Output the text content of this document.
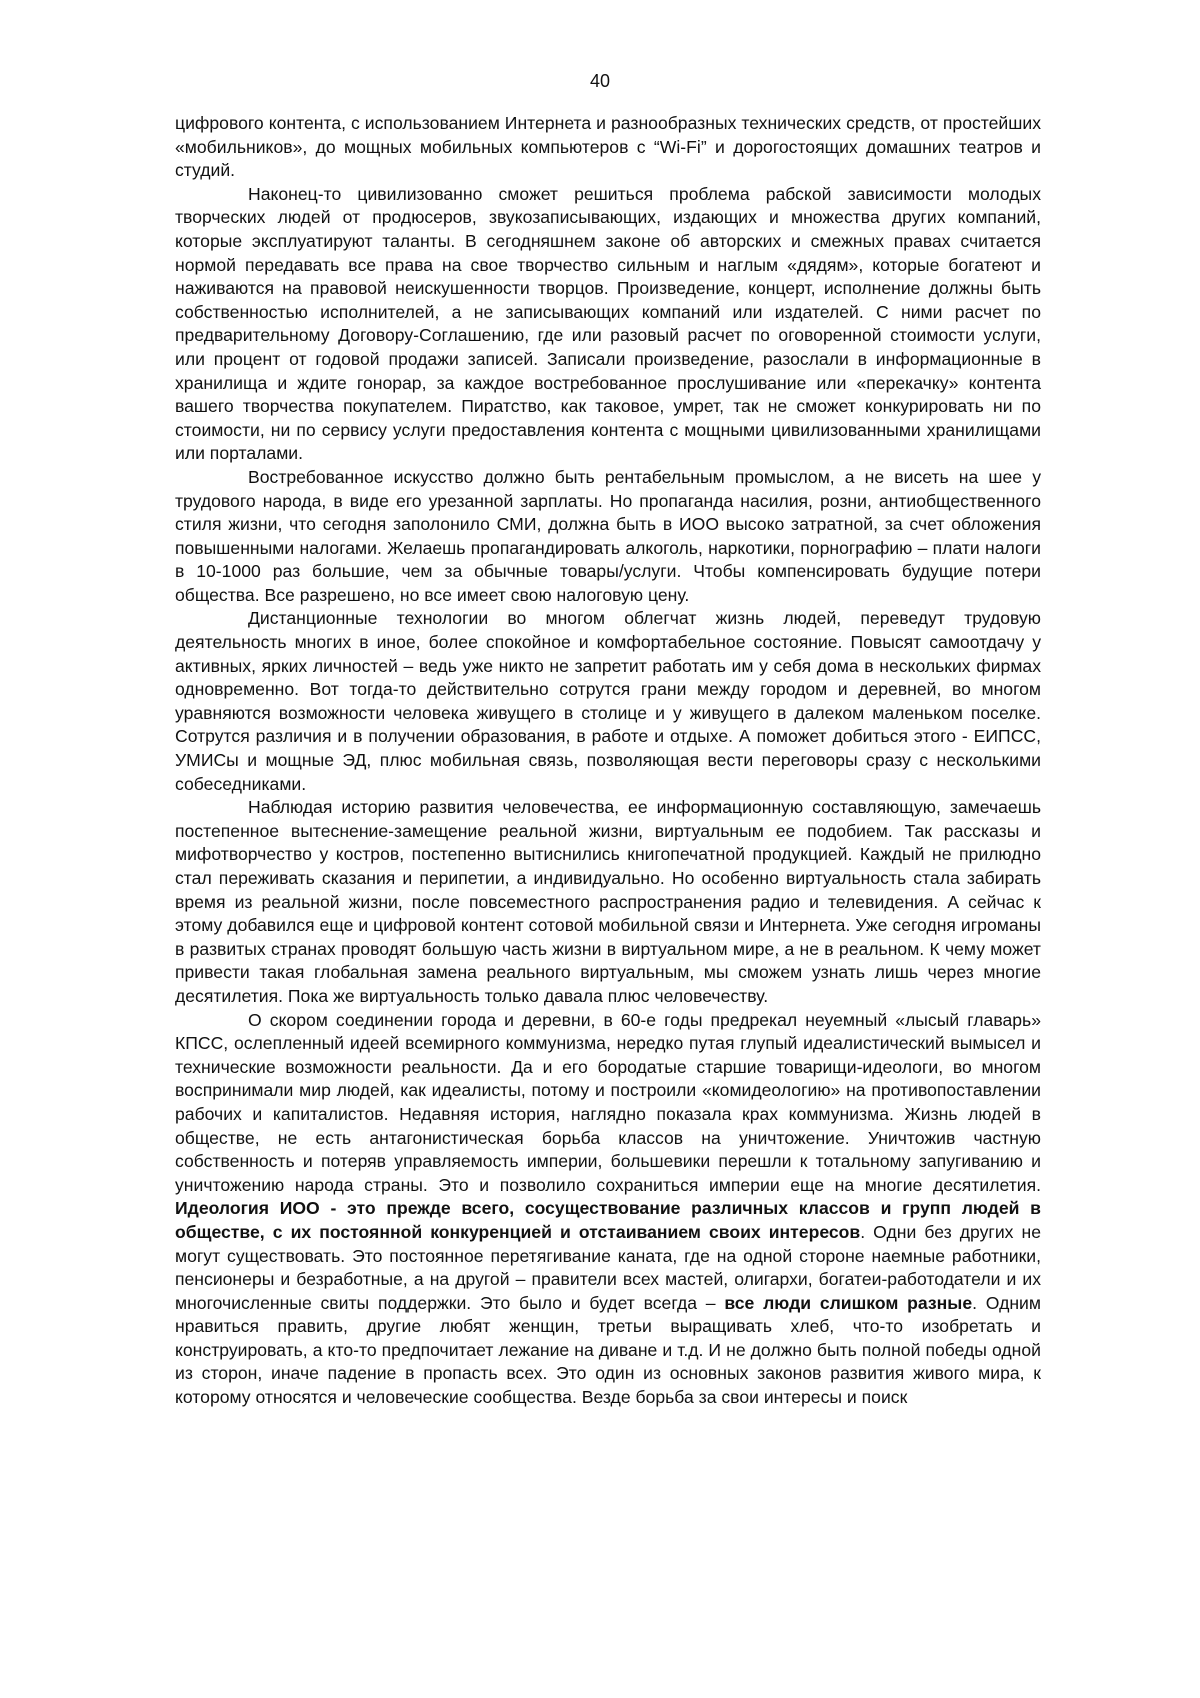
40

цифрового контента, с использованием Интернета и разнообразных технических средств, от простейших «мобильников», до мощных мобильных компьютеров с “Wi-Fi” и дорогостоящих домашних театров и студий.

Наконец-то цивилизованно сможет решиться проблема рабской зависимости молодых творческих людей от продюсеров, звукозаписывающих, издающих и множества других компаний, которые эксплуатируют таланты. В сегодняшнем законе об авторских и смежных правах считается нормой передавать все права на свое творчество сильным и наглым «дядям», которые богатеют и наживаются на правовой неискушенности творцов. Произведение, концерт, исполнение должны быть собственностью исполнителей, а не записывающих компаний или издателей. С ними расчет по предварительному Договору-Соглашению, где или разовый расчет по оговоренной стоимости услуги, или процент от годовой продажи записей. Записали произведение, разослали в информационные в хранилища и ждите гонорар, за каждое востребованное прослушивание или «перекачку» контента вашего творчества покупателем. Пиратство, как таковое, умрет, так не сможет конкурировать ни по стоимости, ни по сервису услуги предоставления контента с мощными цивилизованными хранилищами или порталами.

Востребованное искусство должно быть рентабельным промыслом, а не висеть на шее у трудового народа, в виде его урезанной зарплаты. Но пропаганда насилия, розни, антиобщественного стиля жизни, что сегодня заполонило СМИ, должна быть в ИОО высоко затратной, за счет обложения повышенными налогами. Желаешь пропагандировать алкоголь, наркотики, порнографию – плати налоги в 10-1000 раз большие, чем за обычные товары/услуги. Чтобы компенсировать будущие потери общества. Все разрешено, но все имеет свою налоговую цену.

Дистанционные технологии во многом облегчат жизнь людей, переведут трудовую деятельность многих в иное, более спокойное и комфортабельное состояние. Повысят самоотдачу у активных, ярких личностей – ведь уже никто не запретит работать им у себя дома в нескольких фирмах одновременно. Вот тогда-то действительно сотрутся грани между городом и деревней, во многом уравняются возможности человека живущего в столице и у живущего в далеком маленьком поселке. Сотрутся различия и в получении образования, в работе и отдыхе. А поможет добиться этого - ЕИПСС, УМИСы и мощные ЭД, плюс мобильная связь, позволяющая вести переговоры сразу с несколькими собеседниками.

Наблюдая историю развития человечества, ее информационную составляющую, замечаешь постепенное вытеснение-замещение реальной жизни, виртуальным ее подобием. Так рассказы и мифотворчество у костров, постепенно вытиснились книгопечатной продукцией. Каждый не прилюдно стал переживать сказания и перипетии, а индивидуально. Но особенно виртуальность стала забирать время из реальной жизни, после повсеместного распространения радио и телевидения. А сейчас к этому добавился еще и цифровой контент сотовой мобильной связи и Интернета. Уже сегодня игроманы в развитых странах проводят большую часть жизни в виртуальном мире, а не в реальном. К чему может привести такая глобальная замена реального виртуальным, мы сможем узнать лишь через многие десятилетия. Пока же виртуальность только давала плюс человечеству.

О скором соединении города и деревни, в 60-е годы предрекал неуемный «лысый главарь» КПСС, ослепленный идеей всемирного коммунизма, нередко путая глупый идеалистический вымысел и технические возможности реальности. Да и его бородатые старшие товарищи-идеологи, во многом воспринимали мир людей, как идеалисты, потому и построили «комидеологию» на противопоставлении рабочих и капиталистов. Недавняя история, наглядно показала крах коммунизма. Жизнь людей в обществе, не есть антагонистическая борьба классов на уничтожение. Уничтожив частную собственность и потеряв управляемость империи, большевики перешли к тотальному запугиванию и уничтожению народа страны. Это и позволило сохраниться империи еще на многие десятилетия. Идеология ИОО - это прежде всего, сосуществование различных классов и групп людей в обществе, с их постоянной конкуренцией и отстаиванием своих интересов. Одни без других не могут существовать. Это постоянное перетягивание каната, где на одной стороне наемные работники, пенсионеры и безработные, а на другой – правители всех мастей, олигархи, богатеи-работодатели и их многочисленные свиты поддержки. Это было и будет всегда – все люди слишком разные. Одним нравиться править, другие любят женщин, третьи выращивать хлеб, что-то изобретать и конструировать, а кто-то предпочитает лежание на диване и т.д. И не должно быть полной победы одной из сторон, иначе падение в пропасть всех. Это один из основных законов развития живого мира, к которому относятся и человеческие сообщества. Везде борьба за свои интересы и поиск
